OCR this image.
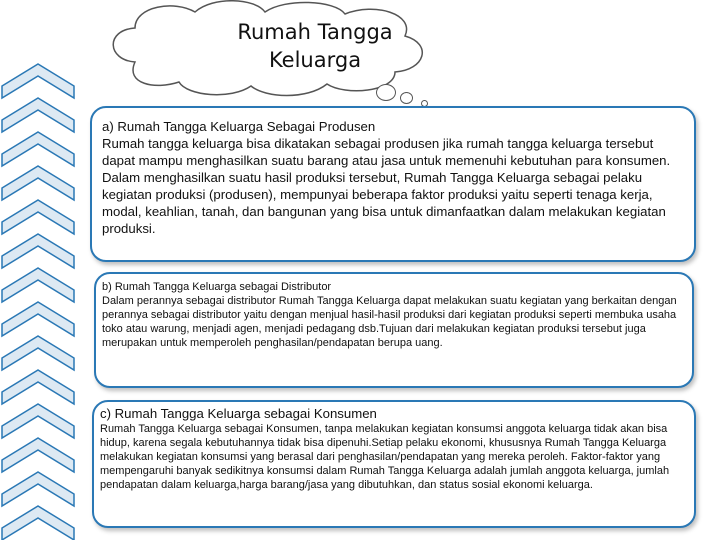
Rumah Tangga
Keluarga
a) Rumah Tangga Keluarga Sebagai Produsen

Rumah tangga keluarga bisa dikatakan sebagai produsen jika rumah tangga keluarga tersebut dapat mampu menghasilkan suatu barang atau jasa untuk memenuhi kebutuhan para konsumen. Dalam menghasilkan suatu hasil produksi tersebut, Rumah Tangga Keluarga sebagai pelaku kegiatan produksi (produsen), mempunyai beberapa faktor produksi yaitu seperti tenaga kerja, modal, keahlian, tanah, dan bangunan yang bisa untuk dimanfaatkan dalam melakukan kegiatan produksi.

b) Rumah Tangga Keluarga sebagai Distributor

Dalam perannya sebagai distributor Rumah Tangga Keluarga dapat melakukan suatu kegiatan yang berkaitan dengan perannya sebagai distributor yaitu dengan menjual hasil-hasil produksi dari kegiatan produksi seperti membuka usaha toko atau warung, menjadi agen, menjadi pedagang dsb.Tujuan dari melakukan kegiatan produksi tersebut juga merupakan untuk memperoleh penghasilan/pendapatan berupa uang.

c) Rumah Tangga Keluarga sebagai Konsumen

Rumah Tangga Keluarga sebagai Konsumen, tanpa melakukan kegiatan konsumsi anggota keluarga tidak akan bisa hidup, karena segala kebutuhannya tidak bisa dipenuhi.Setiap pelaku ekonomi, khususnya Rumah Tangga Keluarga melakukan kegiatan konsumsi yang berasal dari penghasilan/pendapatan yang mereka peroleh. Faktor-faktor yang mempengaruhi banyak sedikitnya konsumsi dalam Rumah Tangga Keluarga adalah jumlah anggota keluarga, jumlah pendapatan dalam keluarga,harga barang/jasa yang dibutuhkan, dan status sosial ekonomi keluarga.
